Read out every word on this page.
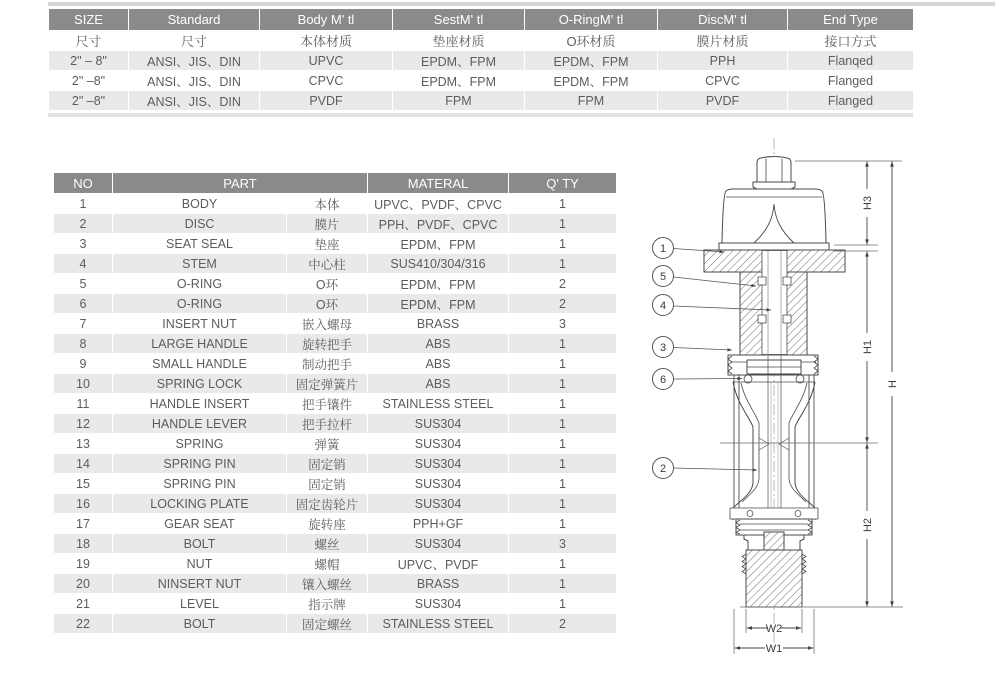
SIZE	Standard	Body M' tl	SestM' tl	O-RingM' tl	DiscM' tl	End Type
尺寸	尺寸	本体材质	垫座材质	O环材质	膜片材质	接口方式
2" – 8"	ANSI、JIS、DIN	UPVC	EPDM、FPM	EPDM、FPM	PPH	Flanqed
2" –8"	ANSI、JIS、DIN	CPVC	EPDM、FPM	EPDM、FPM	CPVC	Flanged
2" –8"	ANSI、JIS、DIN	PVDF	FPM	FPM	PVDF	Flanged
NO	PART		MATERAL	Q' TY
1	BODY	本体	UPVC、PVDF、CPVC	1
2	DISC	膜片	PPH、PVDF、CPVC	1
3	SEAT SEAL	垫座	EPDM、FPM	1
4	STEM	中心柱	SUS410/304/316	1
5	O-RING	O环	EPDM、FPM	2
6	O-RING	O环	EPDM、FPM	2
7	INSERT NUT	嵌入螺母	BRASS	3
8	LARGE HANDLE	旋转把手	ABS	1
9	SMALL HANDLE	制动把手	ABS	1
10	SPRING LOCK	固定弹簧片	ABS	1
11	HANDLE INSERT	把手镶件	STAINLESS STEEL	1
12	HANDLE LEVER	把手拉杆	SUS304	1
13	SPRING	弹簧	SUS304	1
14	SPRING PIN	固定销	SUS304	1
15	SPRING PIN	固定销	SUS304	1
16	LOCKING PLATE	固定齿轮片	SUS304	1
17	GEAR SEAT	旋转座	PPH+GF	1
18	BOLT	螺丝	SUS304	3
19	NUT	螺帽	UPVC、PVDF	1
20	NINSERT NUT	镶入螺丝	BRASS	1
21	LEVEL	指示牌	SUS304	1
22	BOLT	固定螺丝	STAINLESS STEEL	2
H3
H1
H2
H
W2
W1
1
5
4
3
6
2
